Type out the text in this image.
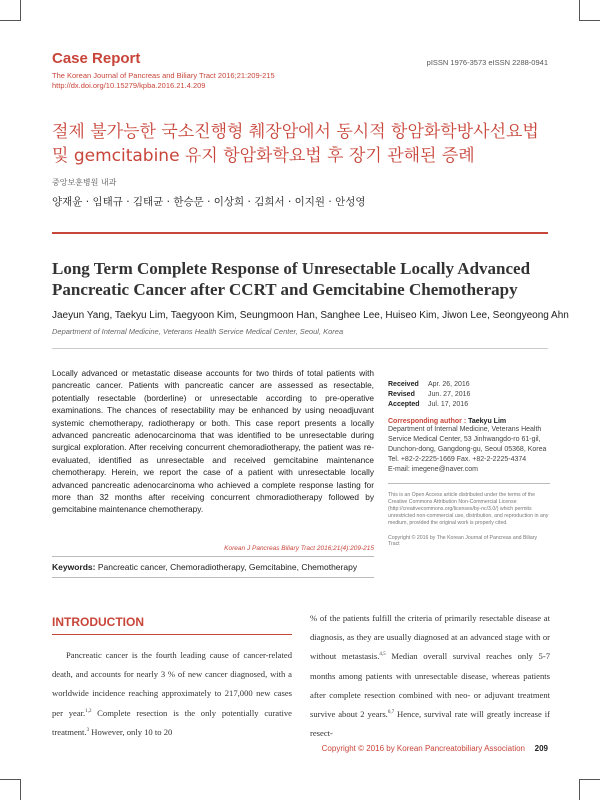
Case Report
The Korean Journal of Pancreas and Biliary Tract 2016;21:209-215
http://dx.doi.org/10.15279/kpba.2016.21.4.209
pISSN 1976-3573 eISSN 2288-0941
절제 불가능한 국소진행형 췌장암에서 동시적 항암화학방사선요법
및 gemcitabine 유지 항암화학요법 후 장기 관해된 증례
중앙보훈병원 내과
양재윤 · 임태규 · 김태균 · 한승문 · 이상희 · 김희서 · 이지원 · 안성영
Long Term Complete Response of Unresectable Locally Advanced
Pancreatic Cancer after CCRT and Gemcitabine Chemotherapy
Jaeyun Yang, Taekyu Lim, Taegyoon Kim, Seungmoon Han, Sanghee Lee, Huiseo Kim, Jiwon Lee, Seongyeong Ahn
Department of Internal Medicine, Veterans Health Service Medical Center, Seoul, Korea
Locally advanced or metastatic disease accounts for two thirds of total patients with pancreatic cancer. Patients with pancreatic cancer are assessed as resectable, potentially resectable (borderline) or unresectable according to pre-operative examinations. The chances of resectability may be enhanced by using neoadjuvant systemic chemotherapy, radiotherapy or both. This case report presents a locally advanced pancreatic adenocarcinoma that was identified to be unresectable during surgical exploration. After receiving concurrent chemoradiotherapy, the patient was re-evaluated, identified as unresectable and received gemcitabine maintenance chemotherapy. Herein, we report the case of a patient with unresectable locally advanced pancreatic adenocarcinoma who achieved a complete response lasting for more than 32 months after receiving concurrent chmoradiotherapy followed by gemcitabine maintenance chemotherapy.
Korean J Pancreas Biliary Tract 2016;21(4):209-215
Keywords: Pancreatic cancer, Chemoradiotherapy, Gemcitabine, Chemotherapy
Received	Apr. 26, 2016
Revised	Jun. 27, 2016
Accepted	Jul. 17, 2016
Corresponding author : Taekyu Lim
Department of Internal Medicine, Veterans Health Service Medical Center, 53 Jinhwangdo-ro 61-gil, Dunchon-dong, Gangdong-gu, Seoul 05368, Korea
Tel. +82-2-2225-1669 Fax. +82-2-2225-4374
E-mail: imegene@naver.com
This is an Open Access article distributed under the terms of the Creative Commons Attribution Non-Commercial License (http://creativecommons.org/licenses/by-nc/3.0/) which permits unrestricted non-commercial use, distribution, and reproduction in any medium, provided the original work is properly cited.
Copyright © 2016 by The Korean Journal of Pancreas and Biliary Tract
INTRODUCTION
Pancreatic cancer is the fourth leading cause of cancer-related death, and accounts for nearly 3 % of new cancer diagnosed, with a worldwide incidence reaching approximately to 217,000 new cases per year.$^{1,2}$ Complete resection is the only potentially curative treatment.$^3$ However, only 10 to 20
% of the patients fulfill the criteria of primarily resectable disease at diagnosis, as they are usually diagnosed at an advanced stage with or without metastasis.$^{4,5}$ Median overall survival reaches only 5-7 months among patients with unresectable disease, whereas patients after complete resection combined with neo- or adjuvant treatment survive about 2 years.$^{6,7}$ Hence, survival rate will greatly increase if resect-
Copyright © 2016 by Korean Pancreatobiliary Association 209
